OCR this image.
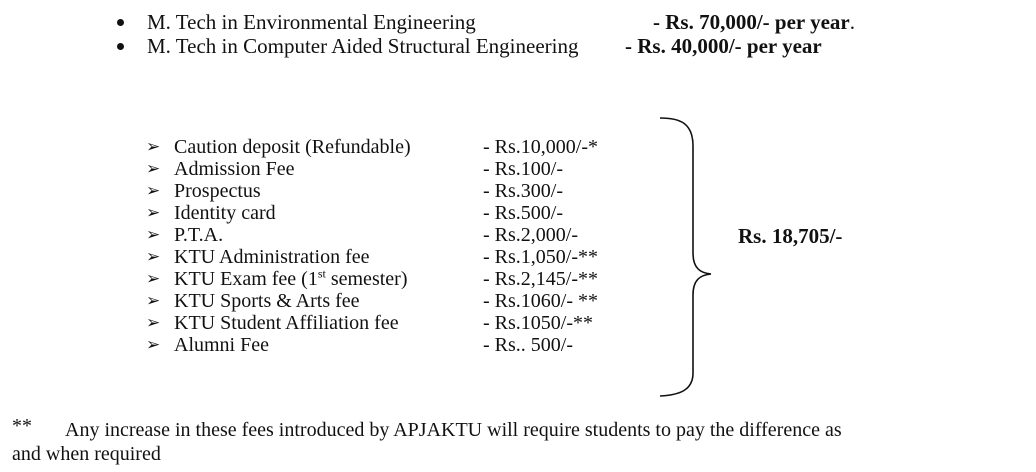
M. Tech in Environmental Engineering	- Rs. 70,000/- per year.
M. Tech in Computer Aided Structural Engineering - Rs. 40,000/- per year
➢ Caution deposit (Refundable)	- Rs.10,000/-*
➢ Admission Fee	- Rs.100/-
➢ Prospectus	- Rs.300/-
➢ Identity card	- Rs.500/-
➢ P.T.A.	- Rs.2,000/-
➢ KTU Administration fee	- Rs.1,050/-**
➢ KTU Exam fee (1st semester)	- Rs.2,145/-**
➢ KTU Sports & Arts fee	- Rs.1060/- **
➢ KTU Student Affiliation fee	- Rs.1050/-**
➢ Alumni Fee	- Rs.. 500/-
Rs. 18,705/-
** Any increase in these fees introduced by APJAKTU will require students to pay the difference as
and when required
